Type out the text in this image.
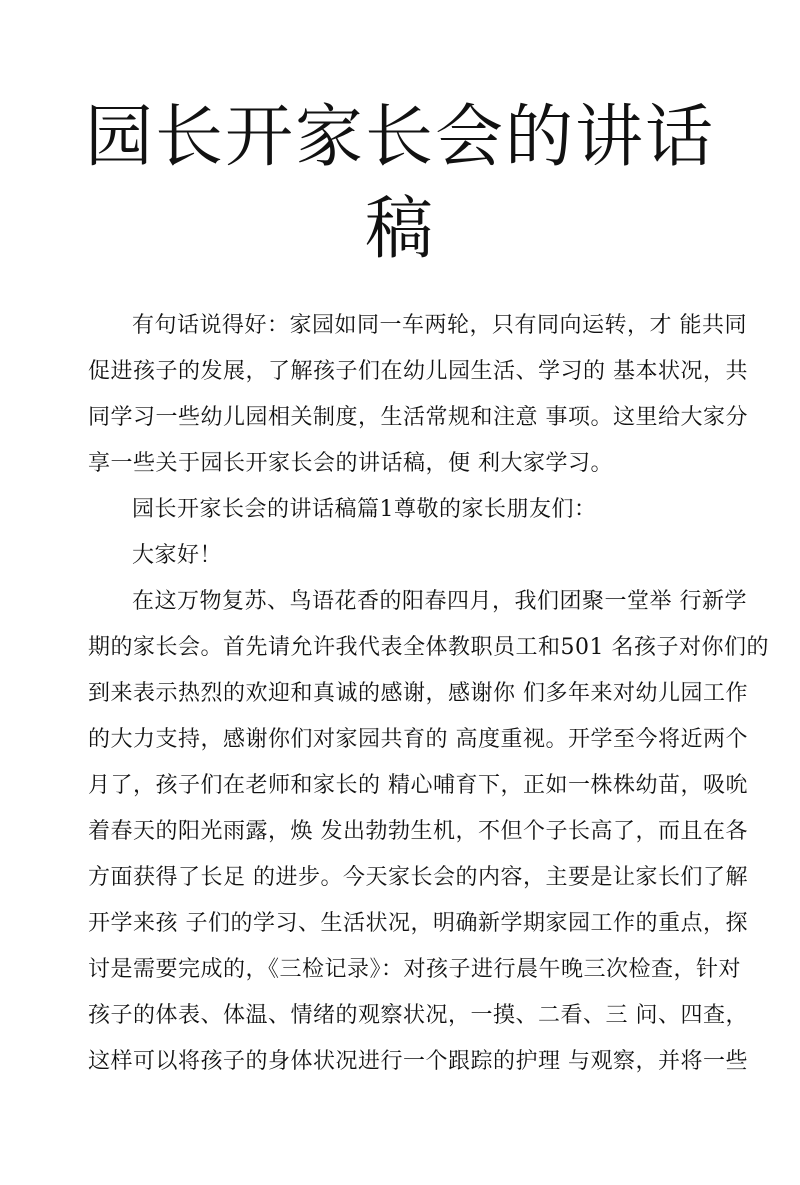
园长开家长会的讲话
稿
有句话说得好：家园如同一车两轮，只有同向运转，才 能共同
促进孩子的发展，了解孩子们在幼儿园生活、学习的 基本状况，共
同学习一些幼儿园相关制度，生活常规和注意 事项。这里给大家分
享一些关于园长开家长会的讲话稿，便 利大家学习。
园长开家长会的讲话稿篇1尊敬的家长朋友们：
大家好！
在这万物复苏、鸟语花香的阳春四月，我们团聚一堂举 行新学
期的家长会。首先请允许我代表全体教职员工和501 名孩子对你们的
到来表示热烈的欢迎和真诚的感谢，感谢你 们多年来对幼儿园工作
的大力支持，感谢你们对家园共育的 高度重视。开学至今将近两个
月了，孩子们在老师和家长的 精心哺育下，正如一株株幼苗，吸吮
着春天的阳光雨露，焕 发出勃勃生机，不但个子长高了，而且在各
方面获得了长足 的进步。今天家长会的内容，主要是让家长们了解
开学来孩 子们的学习、生活状况，明确新学期家园工作的重点，探
讨是需要完成的，《三检记录》：对孩子进行晨午晚三次检查，针对
孩子的体表、体温、情绪的观察状况，一摸、二看、三 问、四查，
这样可以将孩子的身体状况进行一个跟踪的护理 与观察，并将一些
